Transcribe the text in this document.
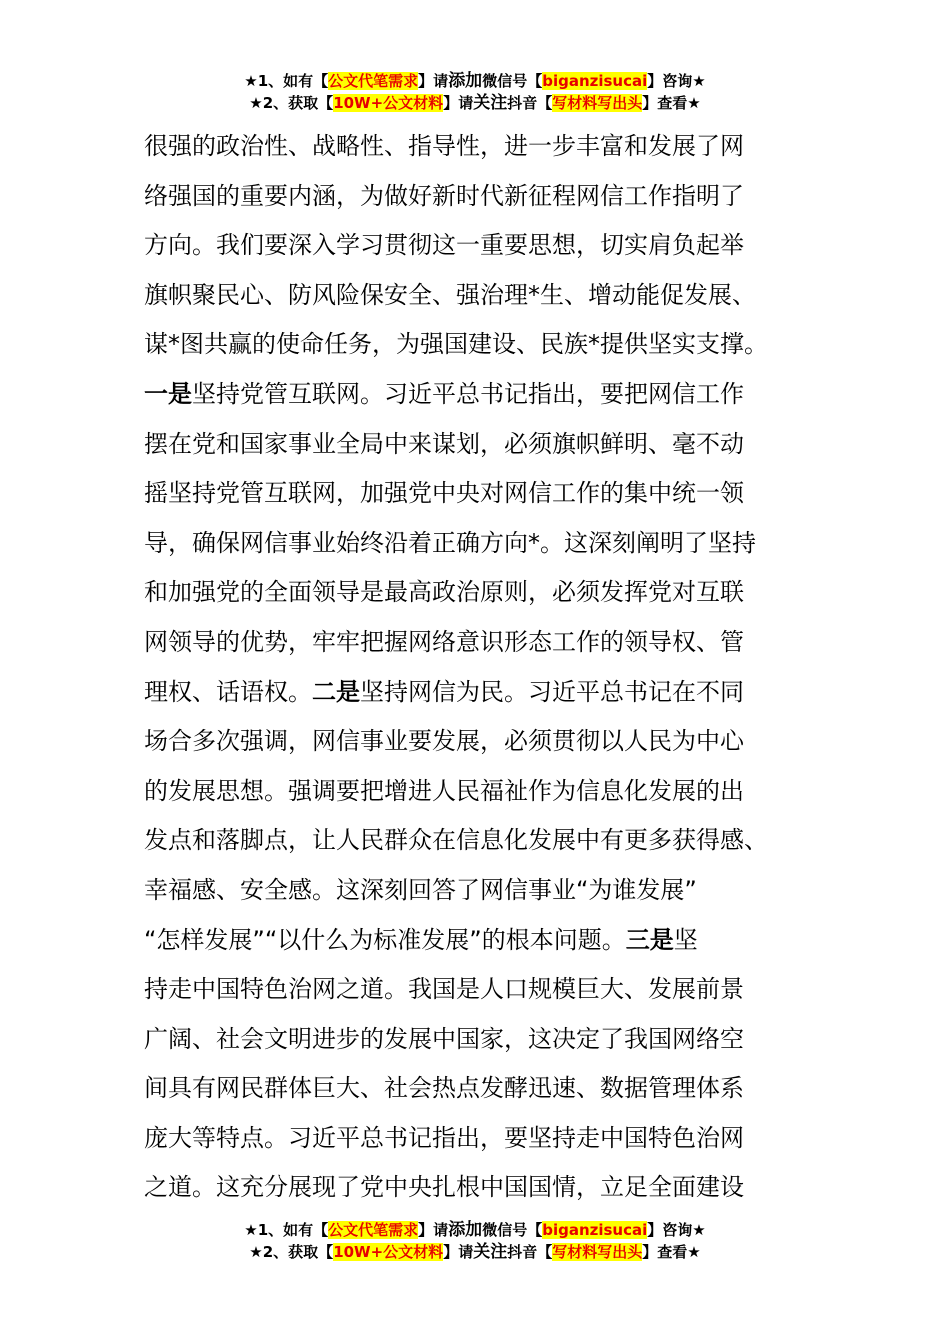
★1、如有【公文代笔需求】请添加微信号【biganzisucai】咨询★
★2、获取【10W+公文材料】请关注抖音【写材料写出头】查看★
很强的政治性、战略性、指导性，进一步丰富和发展了网
络强国的重要内涵，为做好新时代新征程网信工作指明了
方向。我们要深入学习贯彻这一重要思想，切实肩负起举
旗帜聚民心、防风险保安全、强治理*生、增动能促发展、
谋*图共赢的使命任务，为强国建设、民族*提供坚实支撑。
一是坚持党管互联网。习近平总书记指出，要把网信工作
摆在党和国家事业全局中来谋划，必须旗帜鲜明、毫不动
摇坚持党管互联网，加强党中央对网信工作的集中统一领
导，确保网信事业始终沿着正确方向*。这深刻阐明了坚持
和加强党的全面领导是最高政治原则，必须发挥党对互联
网领导的优势，牢牢把握网络意识形态工作的领导权、管
理权、话语权。二是坚持网信为民。习近平总书记在不同
场合多次强调，网信事业要发展，必须贯彻以人民为中心
的发展思想。强调要把增进人民福祉作为信息化发展的出
发点和落脚点，让人民群众在信息化发展中有更多获得感、
幸福感、安全感。这深刻回答了网信事业“为谁发展”
“怎样发展”“以什么为标准发展”的根本问题。三是坚
持走中国特色治网之道。我国是人口规模巨大、发展前景
广阔、社会文明进步的发展中国家，这决定了我国网络空
间具有网民群体巨大、社会热点发酵迅速、数据管理体系
庞大等特点。习近平总书记指出，要坚持走中国特色治网
之道。这充分展现了党中央扎根中国国情，立足全面建设
★1、如有【公文代笔需求】请添加微信号【biganzisucai】咨询★
★2、获取【10W+公文材料】请关注抖音【写材料写出头】查看★
